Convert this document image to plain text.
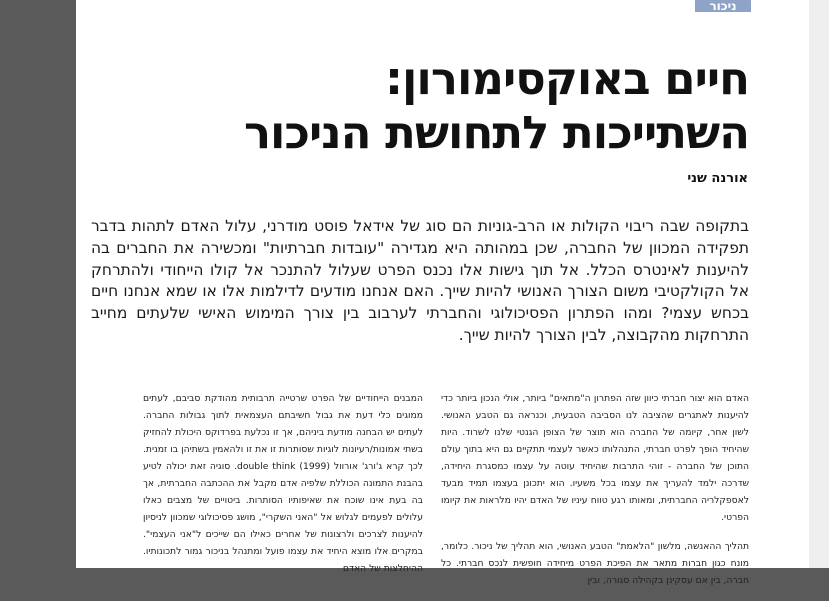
ניכור
חיים באוקסימורון:
השתייכות לתחושת הניכור
אורנה שני

בתקופה שבה ריבוי הקולות או הרב-גוניות הם סוג של אידאל פוסט מודרני, עלול האדם לתהות בדבר תפקידה המכוון של החברה, שכן במהותה היא מגדירה "עובדות חברתיות" ומכשירה את החברים בה להיענות לאינטרס הכלל. אל תוך גישות אלו נכנס הפרט שעלול להתנכר אל קולו הייחודי ולהתרחק אל הקולקטיבי משום הצורך האנושי להיות שייך. האם אנחנו מודעים לדילמות אלו או שמא אנחנו חיים בכחש עצמי? ומהו הפתרון הפסיכולוגי והחברתי לערבוב בין צורך המימוש האישי שלעתים מחייב התרחקות מהקבוצה, לבין הצורך להיות שייך.

האדם הוא יצור חברתי כיוון שזה הפתרון ה"מתאים" ביותר, אולי הנכון ביותר כדי להיענות לאתגרים שהציבה לנו הסביבה הטבעית, וכנראה גם הטבע האנושי. לשון אחר, קיומה של החברה הוא תוצר של הצופן הגנטי שלנו לשרוד. היות שהיחיד הופך לפרט חברתי, התנהלותו כאשר לעצמי תתקיים גם היא בתוך עולם התוכן של החברה - זוהי התרבות שהיחיד עוטה על עצמו כמסגרת היחידה, שדרכה ילמד להעריך את עצמו בכל משעיו. הוא יתכונן בעצמו תמיד מבעד לאספקלריה החברתית, ומאותו רגע טווח עיניו של האדם יהיו מלראות את קיומו הפרטי.

תהליך ההאנשה, מלשון "הלאמת" הטבע האנושי, הוא תהליך של ניכור. כלומר, מונח כגון חברות מתאר את הפיכת הפרט מיחידה חופשית לנכס חברתי. כל חברה, בין אם עסקינן בקהילה סגורה, ובין

המבנים הייחודיים של הפרט שרטייה תרבותית מהודקת סביבם, לעתים ממוגים כלי דעת את גבול חשיבתם העצמאית לתוך גבולות החברה. לעתים יש הבחנה מודעת ביניהם, אך זו נכלעת בפרדוקס היכולת להחזיק בשתי אמונות/רעיונות לוגיות שסותרות זו את זו ולהאמין בשתיהן בו זמנית. לכך קרא ג'ורג' אורוול (1999) double think. סוגיה זאת יכולה לטיע בהבנת התמונה הכוללת שלפיה אדם מקבל את ההכתבה החברתית, אך בה בעת אינו שוכח את שאיפותיו הסותרות. ביטויים של מצבים כאלו עלולים לפעמים לגלוש אל "האני השקרי", מושג פסיכולוגי שמכוון לניסיון להיענות לצרכים ולרצונות של אחרים כאילו הם שייכים ל"אני העצמי". במקרים אלו מוצא היחיד את עצמו פועל ומתנהל בניכור גמור לתכונותיו. ההיחלצות של האדם
